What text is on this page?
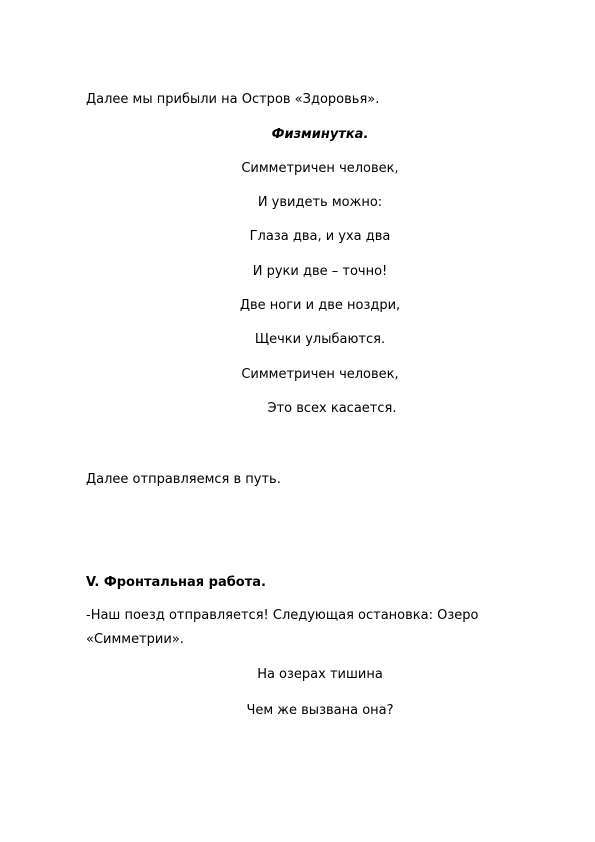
Далее мы прибыли на Остров «Здоровья».
Физминутка.
Симметричен человек,
И увидеть можно:
Глаза два, и уха два
И руки две – точно!
Две ноги и две ноздри,
Щечки улыбаются.
Симметричен человек,
Это всех касается.
Далее отправляемся в путь.
V. Фронтальная работа.
-Наш поезд отправляется! Следующая остановка: Озеро «Симметрии».
На озерах тишина
Чем же вызвана она?
